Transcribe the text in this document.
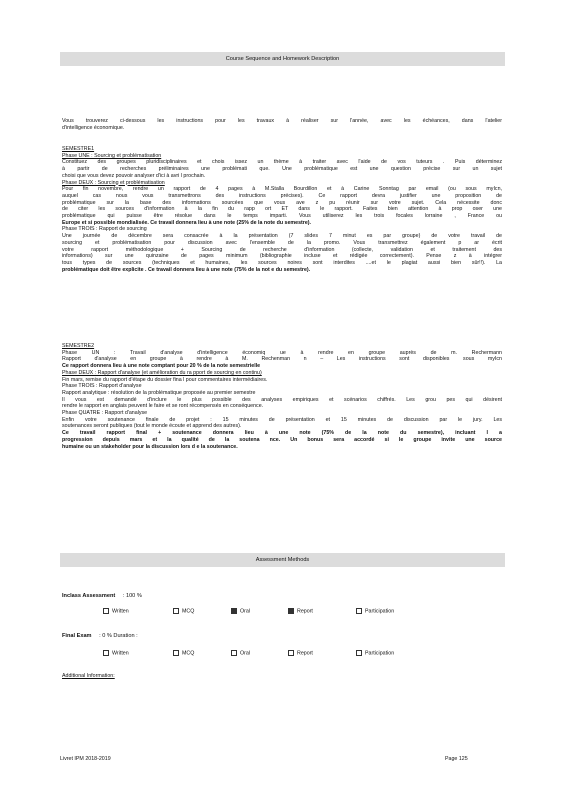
Course Sequence and Homework Description
Vous trouverez ci-dessous les instructions pour les travaux à réaliser sur l'année, avec les échéances, dans l'atelier
d'intelligence économique.
SEMESTRE1
Phase UNE : Sourcing et problématisation
Constituez des groupes pluridisciplinaires et chois issez un thème à traiter avec l'aide de vos tuteurs . Puis déterminez
à partir de recherches préliminaires une problémati que. Une problématique est une question précise sur un sujet
choisi que vous devez pouvoir analyser d'ici à avri l prochain.
Phase DEUX : Sourcing et problématisation
Pour fin novembre, rendre un rapport de 4 pages à M.Stalla Bourdillon et à Carine Sonntag par email (ou sous myIcn,
auquel cas nous vous transmettrons des instructions précises). Ce rapport devra justifier une proposition de
problématique sur la base des informations sourcées que vous ave z pu réunir sur votre sujet. Cela nécessite donc
de citer les sources d'information à la fin du rapp ort ET dans le rapport. Faites bien attention à prop oser une
problématique qui puisse être résolue dans le temps imparti. Vous utiliserez les trois focales lorraine , France ou
Europe et si possible mondialisée. Ce travail donnera lieu à une note (25% de la note du semestre).
Phase TROIS : Rapport de sourcing
Une journée de décembre sera consacrée à la présentation (7 slides 7 minut es par groupe) de votre travail de
sourcing et problématisation pour discussion avec l'ensemble de la promo. Vous transmettrez également p ar écrit
votre rapport méthodologique + Sourcing de recherche d'information (collecte, validation et traitement des
informations) sur une quinzaine de pages minimum (bibliographie incluse et rédigée correctement). Pense z à intégrer
tous types de sources (techniques et humaines, les sources noires sont interdites ....et le plagiat aussi bien sûr!!). La
problématique doit être explicite . Ce travail donnera lieu à une note (75% de la not e du semestre).
SEMESTRE2
Phase UN : Travail d'analyse d'intelligence économiq ue à rendre en groupe auprès de m. Rechermann
Rapport d'analyse en groupe à rendre à M. Rechenman n – Les instructions sont disponibles sous myIcn
Ce rapport donnera lieu à une note comptant pour 20 % de la note semestrielle
Phase DEUX : Rapport d'analyse (et amélioration du ra pport de sourcing en continu)
Fin mars, remise du rapport d'étape du dossier fina l pour commentaires intermédiaires.
Phase TROIS : Rapport d'analyse
Rapport analytique : résolution de la problématique proposée au premier semestre
Il vous est demandé d'inclure le plus possible des analyses empiriques et scénarios chiffrés. Les grou pes qui désirent
rendre le rapport en anglais peuvent le faire et se ront récompensés en conséquence.
Phase QUATRE : Rapport d'analyse
Enfin votre soutenance finale de projet : 15 minutes de présentation et 15 minutes de discussion par le jury. Les
soutenances seront publiques (tout le monde écoute et apprend des autres).
Ce travail rapport final + soutenance donnera lieu à une note (75% de la note du semestre), incluant l a
progression depuis mars et la qualité de la soutena nce. Un bonus sera accordé si le groupe invite une source
humaine ou un stakeholder pour la discussion lors d e la soutenance.
Assessment Methods
Inclass Assessment : 100 %
Written	MCQ	Oral	Report	Participation
Final Exam : 0 % Duration :
Written	MCQ	Oral	Report	Participation
Additional Information:
Livret IPM 2018-2019	Page 125
